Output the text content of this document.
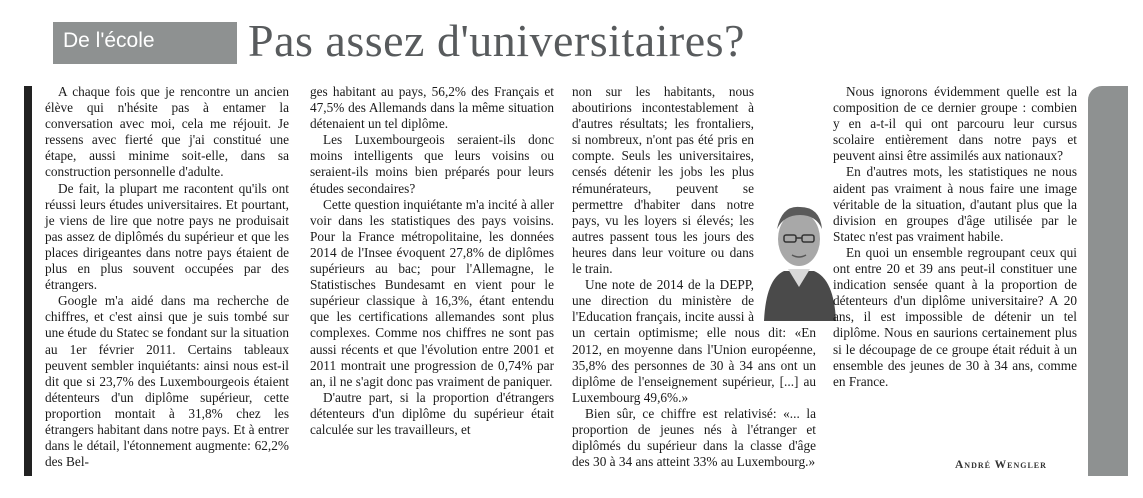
De l'école	Pas assez d'universitaires?

A chaque fois que je rencontre un ancien élève qui n'hésite pas à entamer la conversation avec moi, cela me réjouit. Je ressens avec fierté que j'ai constitué une étape, aussi minime soit-elle, dans sa construction personnelle d'adulte.

De fait, la plupart me racontent qu'ils ont réussi leurs études universitaires. Et pourtant, je viens de lire que notre pays ne produisait pas assez de diplômés du supérieur et que les places dirigeantes dans notre pays étaient de plus en plus souvent occupées par des étrangers.

Google m'a aidé dans ma recherche de chiffres, et c'est ainsi que je suis tombé sur une étude du Statec se fondant sur la situation au 1er février 2011. Certains tableaux peuvent sembler inquiétants: ainsi nous est-il dit que si 23,7% des Luxembourgeois étaient détenteurs d'un diplôme supérieur, cette proportion montait à 31,8% chez les étrangers habitant dans notre pays. Et à entrer dans le détail, l'étonnement augmente: 62,2% des Bel-

ges habitant au pays, 56,2% des Français et 47,5% des Allemands dans la même situation détenaient un tel diplôme.

Les Luxembourgeois seraient-ils donc moins intelligents que leurs voisins ou seraient-ils moins bien préparés pour leurs études secondaires?

Cette question inquiétante m'a incité à aller voir dans les statistiques des pays voisins. Pour la France métropolitaine, les données 2014 de l'Insee évoquent 27,8% de diplômes supérieurs au bac; pour l'Allemagne, le Statistisches Bundesamt en vient pour le supérieur classique à 16,3%, étant entendu que les certifications allemandes sont plus complexes. Comme nos chiffres ne sont pas aussi récents et que l'évolution entre 2001 et 2011 montrait une progression de 0,74% par an, il ne s'agit donc pas vraiment de paniquer.

D'autre part, si la proportion d'étrangers détenteurs d'un diplôme du supérieur était calculée sur les travailleurs, et

non sur les habitants, nous aboutirions incontestablement à d'autres résultats; les frontaliers, si nombreux, n'ont pas été pris en compte. Seuls les universitaires, censés détenir les jobs les plus rémunérateurs, peuvent se permettre d'habiter dans notre pays, vu les loyers si élevés; les autres passent tous les jours des heures dans leur voiture ou dans le train.

Une note de 2014 de la DEPP, une direction du ministère de l'Education français, incite aussi à un certain optimisme; elle nous dit: «En 2012, en moyenne dans l'Union européenne, 35,8% des personnes de 30 à 34 ans ont un diplôme de l'enseignement supérieur, [...] au Luxembourg 49,6%.»

Bien sûr, ce chiffre est relativisé: «... la proportion de jeunes nés à l'étranger et diplômés du supérieur dans la classe d'âge des 30 à 34 ans atteint 33% au Luxembourg.»

Nous ignorons évidemment quelle est la composition de ce dernier groupe : combien y en a-t-il qui ont parcouru leur cursus scolaire entièrement dans notre pays et peuvent ainsi être assimilés aux nationaux?

En d'autres mots, les statistiques ne nous aident pas vraiment à nous faire une image véritable de la situation, d'autant plus que la division en groupes d'âge utilisée par le Statec n'est pas vraiment habile.

En quoi un ensemble regroupant ceux qui ont entre 20 et 39 ans peut-il constituer une indication sensée quant à la proportion de détenteurs d'un diplôme universitaire? A 20 ans, il est impossible de détenir un tel diplôme. Nous en saurions certainement plus si le découpage de ce groupe était réduit à un ensemble des jeunes de 30 à 34 ans, comme en France.

André Wengler
